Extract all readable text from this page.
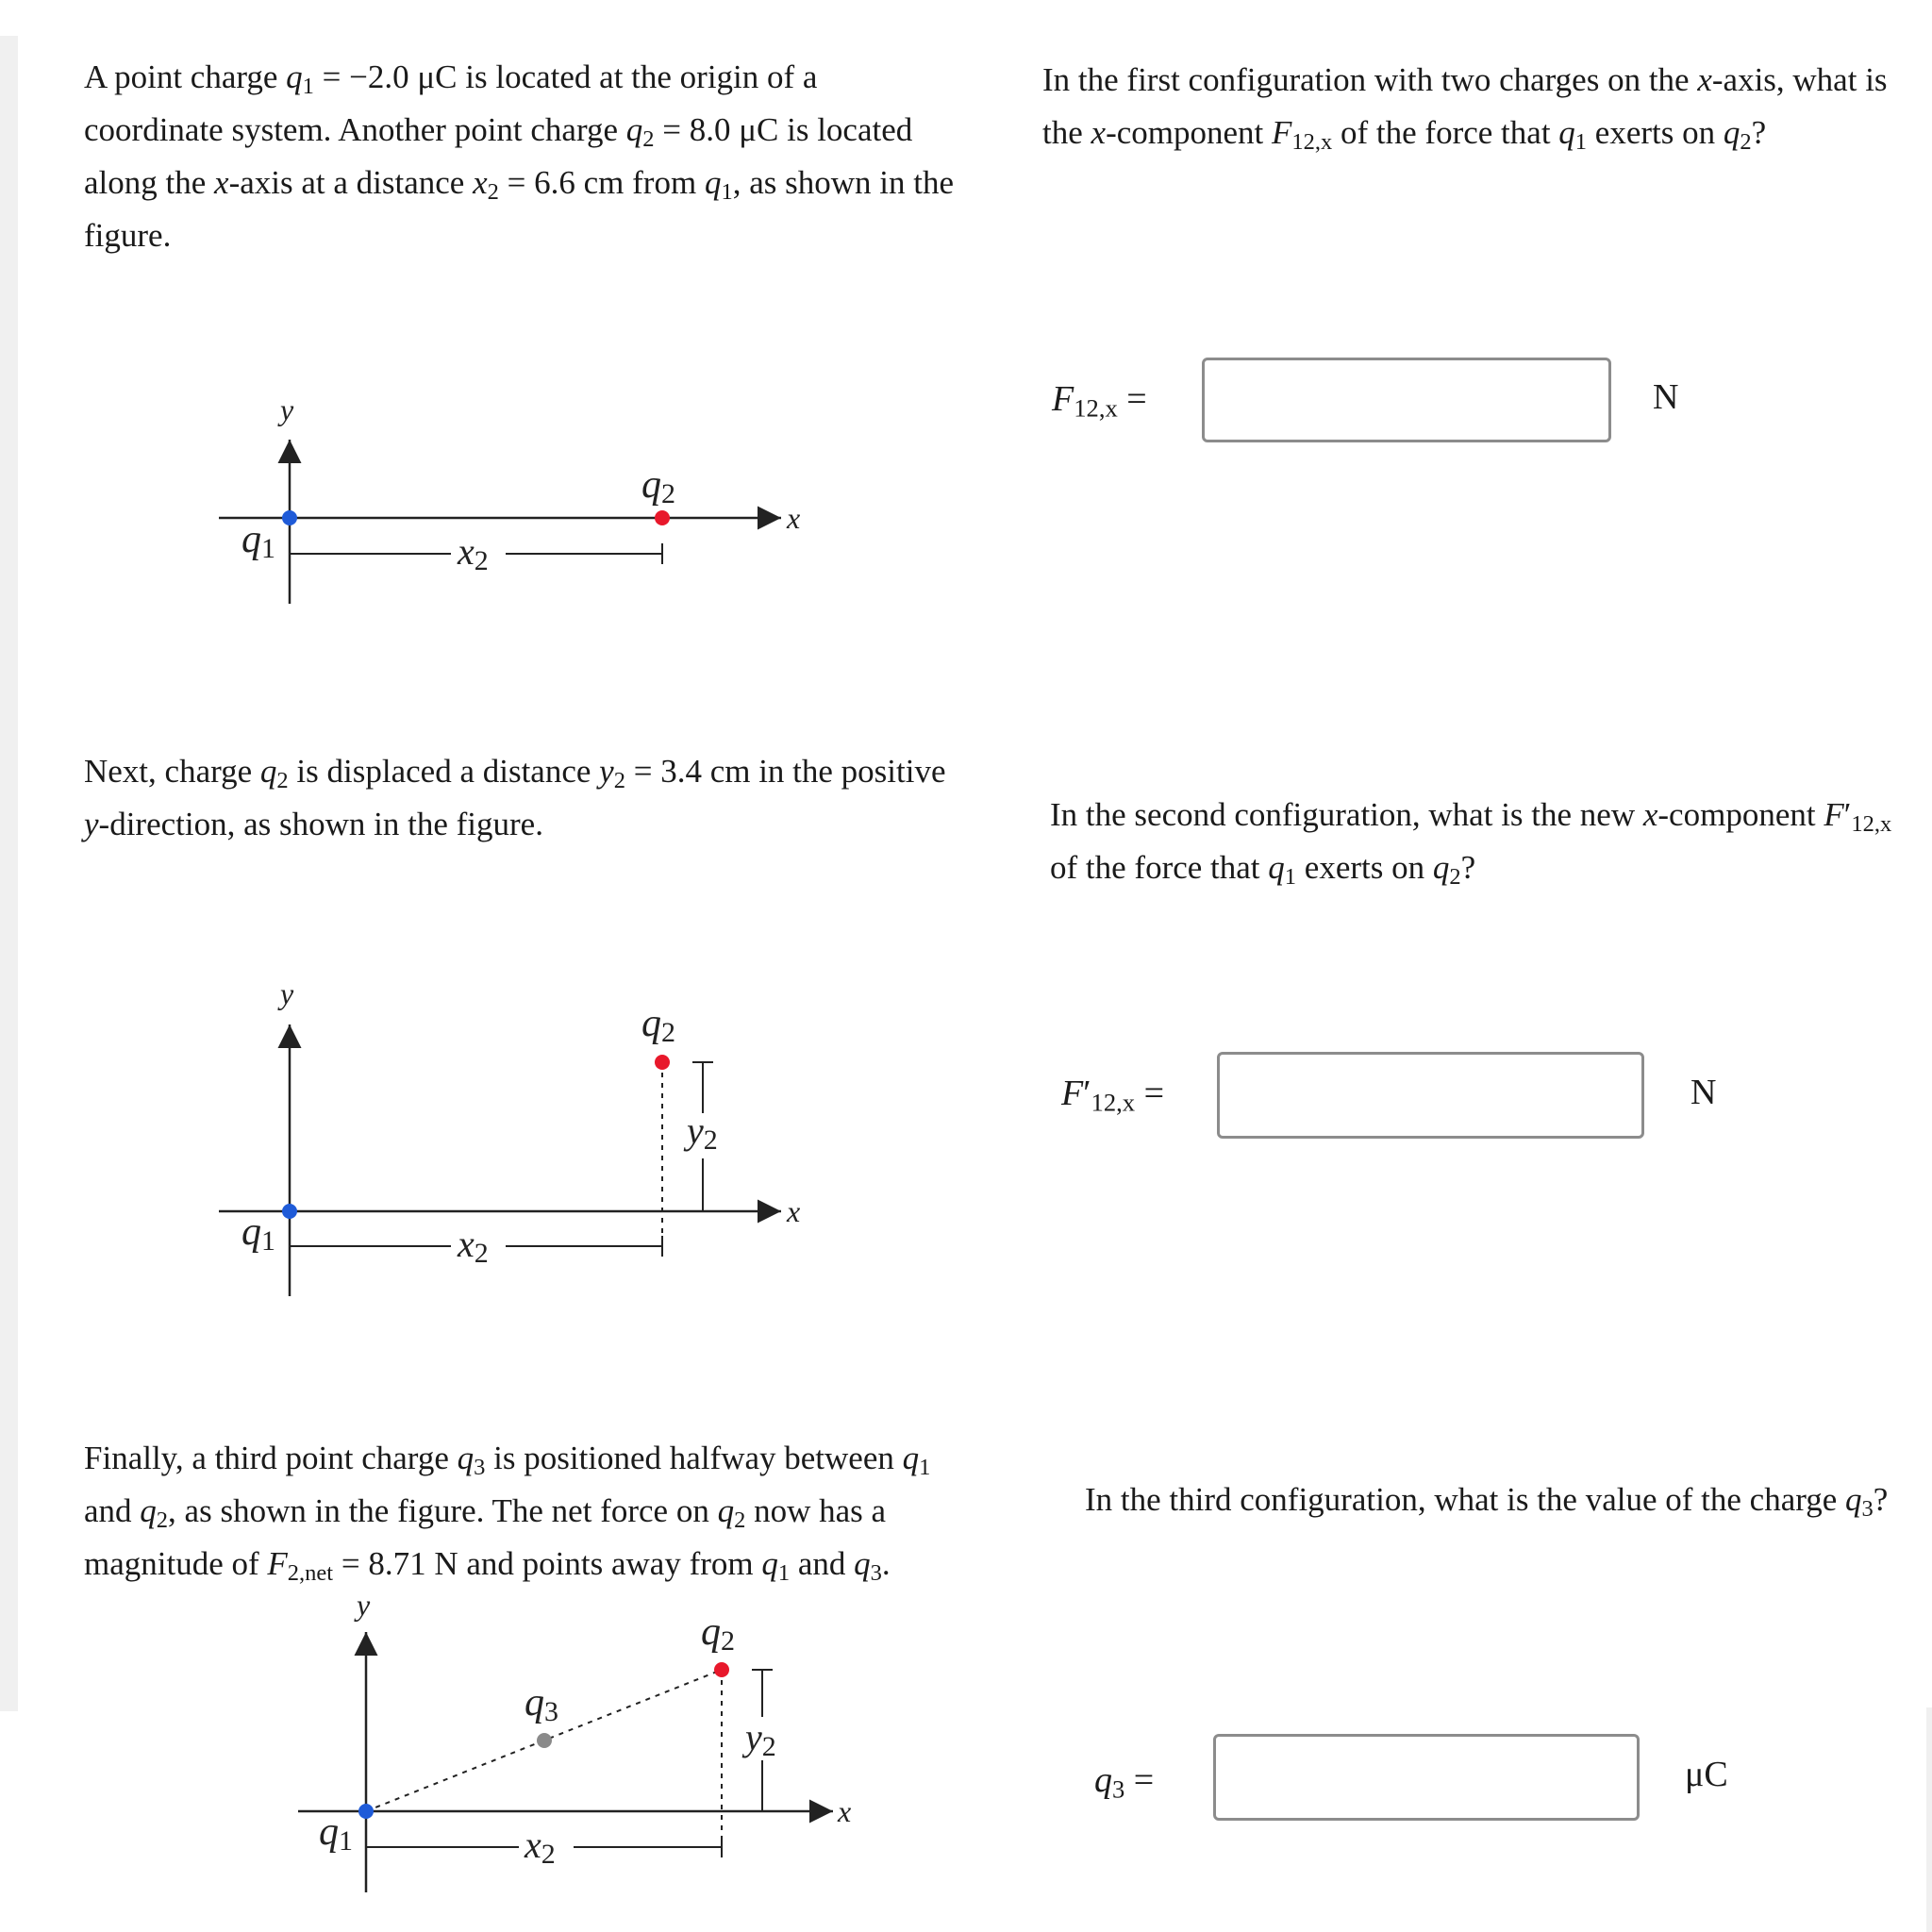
A point charge $q_1 = -2.0$ μC is located at the origin of a coordinate system. Another point charge $q_2 = 8.0$ μC is located along the x-axis at a distance $x_2 = 6.6$ cm from $q_1$, as shown in the figure.

y
x
q1
q2
x2

Next, charge $q_2$ is displaced a distance $y_2 = 3.4$ cm in the positive y-direction, as shown in the figure.

y
x
q1
q2
x2
y2

Finally, a third point charge $q_3$ is positioned halfway between $q_1$ and $q_2$, as shown in the figure. The net force on $q_2$ now has a magnitude of $F_{2,net} = 8.71$ N and points away from $q_1$ and $q_3$.

y
x
q1
q2
q3
x2
y2

In the first configuration with two charges on the x-axis, what is the x-component $F_{12,x}$ of the force that $q_1$ exerts on $q_2$?

$F_{12,x}$ =	N

In the second configuration, what is the new x-component $F'_{12,x}$ of the force that $q_1$ exerts on $q_2$?

$F'_{12,x}$ =	N

In the third configuration, what is the value of the charge $q_3$?

$q_3$ =	μC
